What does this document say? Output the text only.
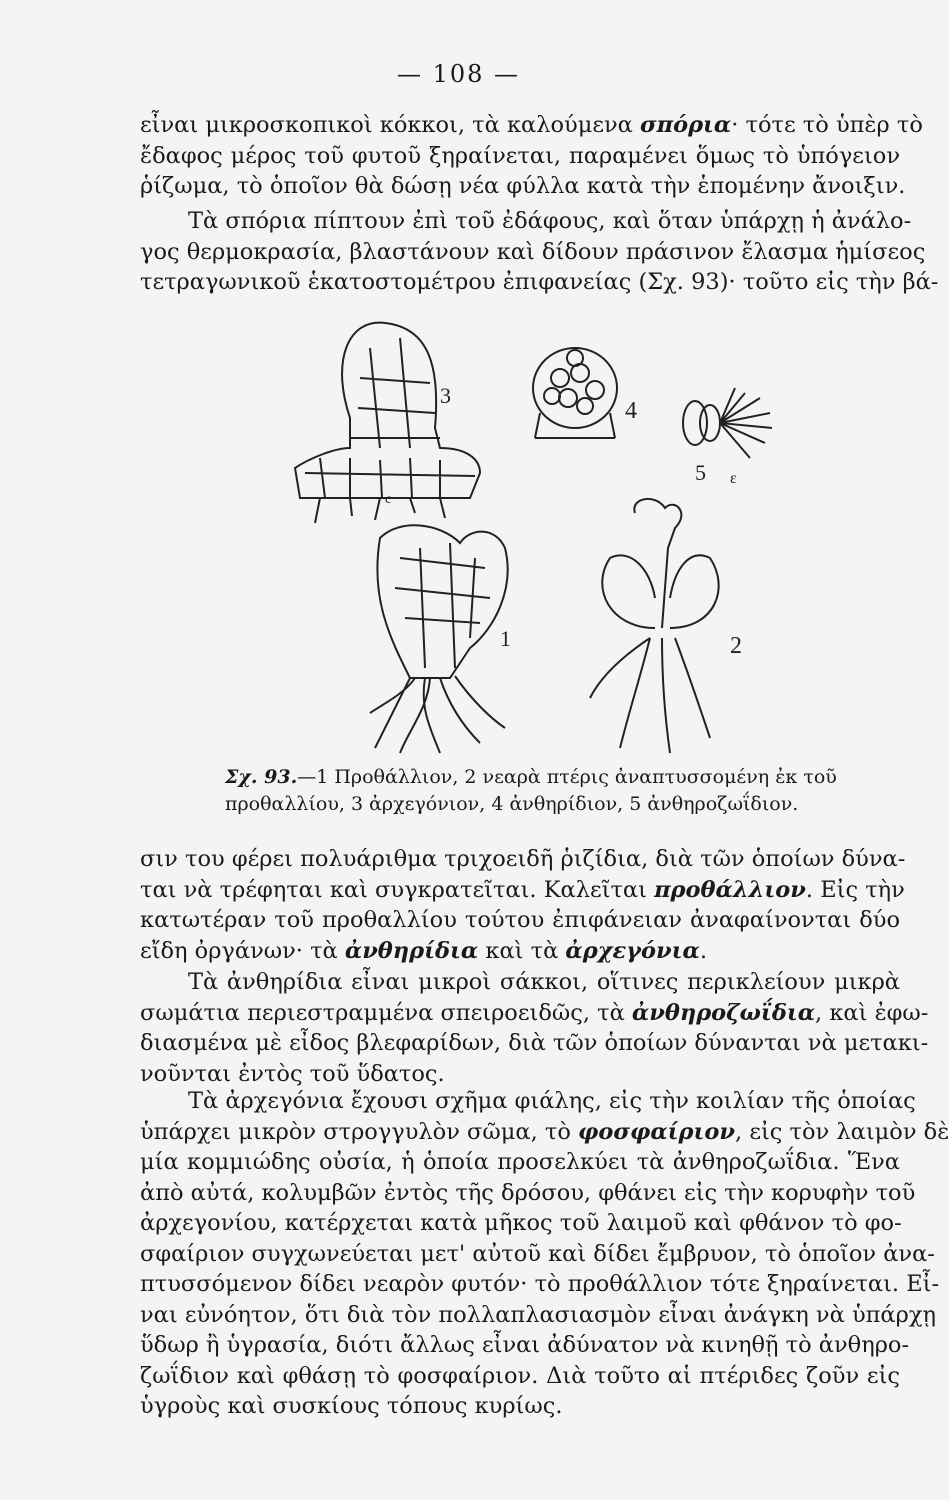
— 108 —
εἶναι μικροσκοπικοὶ κόκκοι, τὰ καλούμενα σπόρια· τότε τὸ ὑπὲρ τὸ
ἔδαφος μέρος τοῦ φυτοῦ ξηραίνεται, παραμένει ὅμως τὸ ὑπόγειον
ῥίζωμα, τὸ ὁποῖον θὰ δώσῃ νέα φύλλα κατὰ τὴν ἑπομένην ἄνοιξιν.
Τὰ σπόρια πίπτουν ἐπὶ τοῦ ἐδάφους, καὶ ὅταν ὑπάρχῃ ἡ ἀνάλο-
γος θερμοκρασία, βλαστάνουν καὶ δίδουν πράσινον ἔλασμα ἡμίσεος
τετραγωνικοῦ ἑκατοστομέτρου ἐπιφανείας (Σχ. 93)· τοῦτο εἰς τὴν βά-
3
4
5 ε
1	2
c
Σχ. 93.—1 Προθάλλιον, 2 νεαρὰ πτέρις ἀναπτυσσομένη ἐκ τοῦ
προθαλλίου, 3 ἀρχεγόνιον, 4 ἀνθηρίδιον, 5 ἀνθηροζωΐδιον.
σιν του φέρει πολυάριθμα τριχοειδῆ ῥιζίδια, διὰ τῶν ὁποίων δύνα-
ται νὰ τρέφηται καὶ συγκρατεῖται. Καλεῖται προθάλλιον. Εἰς τὴν
κατωτέραν τοῦ προθαλλίου τούτου ἐπιφάνειαν ἀναφαίνονται δύο
εἴδη ὀργάνων· τὰ ἀνθηρίδια καὶ τὰ ἀρχεγόνια.
Τὰ ἀνθηρίδια εἶναι μικροὶ σάκκοι, οἵτινες περικλείουν μικρὰ
σωμάτια περιεστραμμένα σπειροειδῶς, τὰ ἀνθηροζωΐδια, καὶ ἐφω-
διασμένα μὲ εἶδος βλεφαρίδων, διὰ τῶν ὁποίων δύνανται νὰ μετακι-
νοῦνται ἐντὸς τοῦ ὕδατος.
Τὰ ἀρχεγόνια ἔχουσι σχῆμα φιάλης, εἰς τὴν κοιλίαν τῆς ὁποίας
ὑπάρχει μικρὸν στρογγυλὸν σῶμα, τὸ φοσφαίριον, εἰς τὸν λαιμὸν δὲ
μία κομμιώδης οὐσία, ἡ ὁποία προσελκύει τὰ ἀνθηροζωΐδια. Ἕνα
ἀπὸ αὐτά, κολυμβῶν ἐντὸς τῆς δρόσου, φθάνει εἰς τὴν κορυφὴν τοῦ
ἀρχεγονίου, κατέρχεται κατὰ μῆκος τοῦ λαιμοῦ καὶ φθάνον τὸ φο-
σφαίριον συγχωνεύεται μετ' αὐτοῦ καὶ δίδει ἔμβρυον, τὸ ὁποῖον ἀνα-
πτυσσόμενον δίδει νεαρὸν φυτόν· τὸ προθάλλιον τότε ξηραίνεται. Εἶ-
ναι εὐνόητον, ὅτι διὰ τὸν πολλαπλασιασμὸν εἶναι ἀνάγκη νὰ ὑπάρχῃ
ὕδωρ ἢ ὑγρασία, διότι ἄλλως εἶναι ἀδύνατον νὰ κινηθῇ τὸ ἀνθηρο-
ζωΐδιον καὶ φθάσῃ τὸ φοσφαίριον. Διὰ τοῦτο αἱ πτέριδες ζοῦν εἰς
ὑγροὺς καὶ συσκίους τόπους κυρίως.
